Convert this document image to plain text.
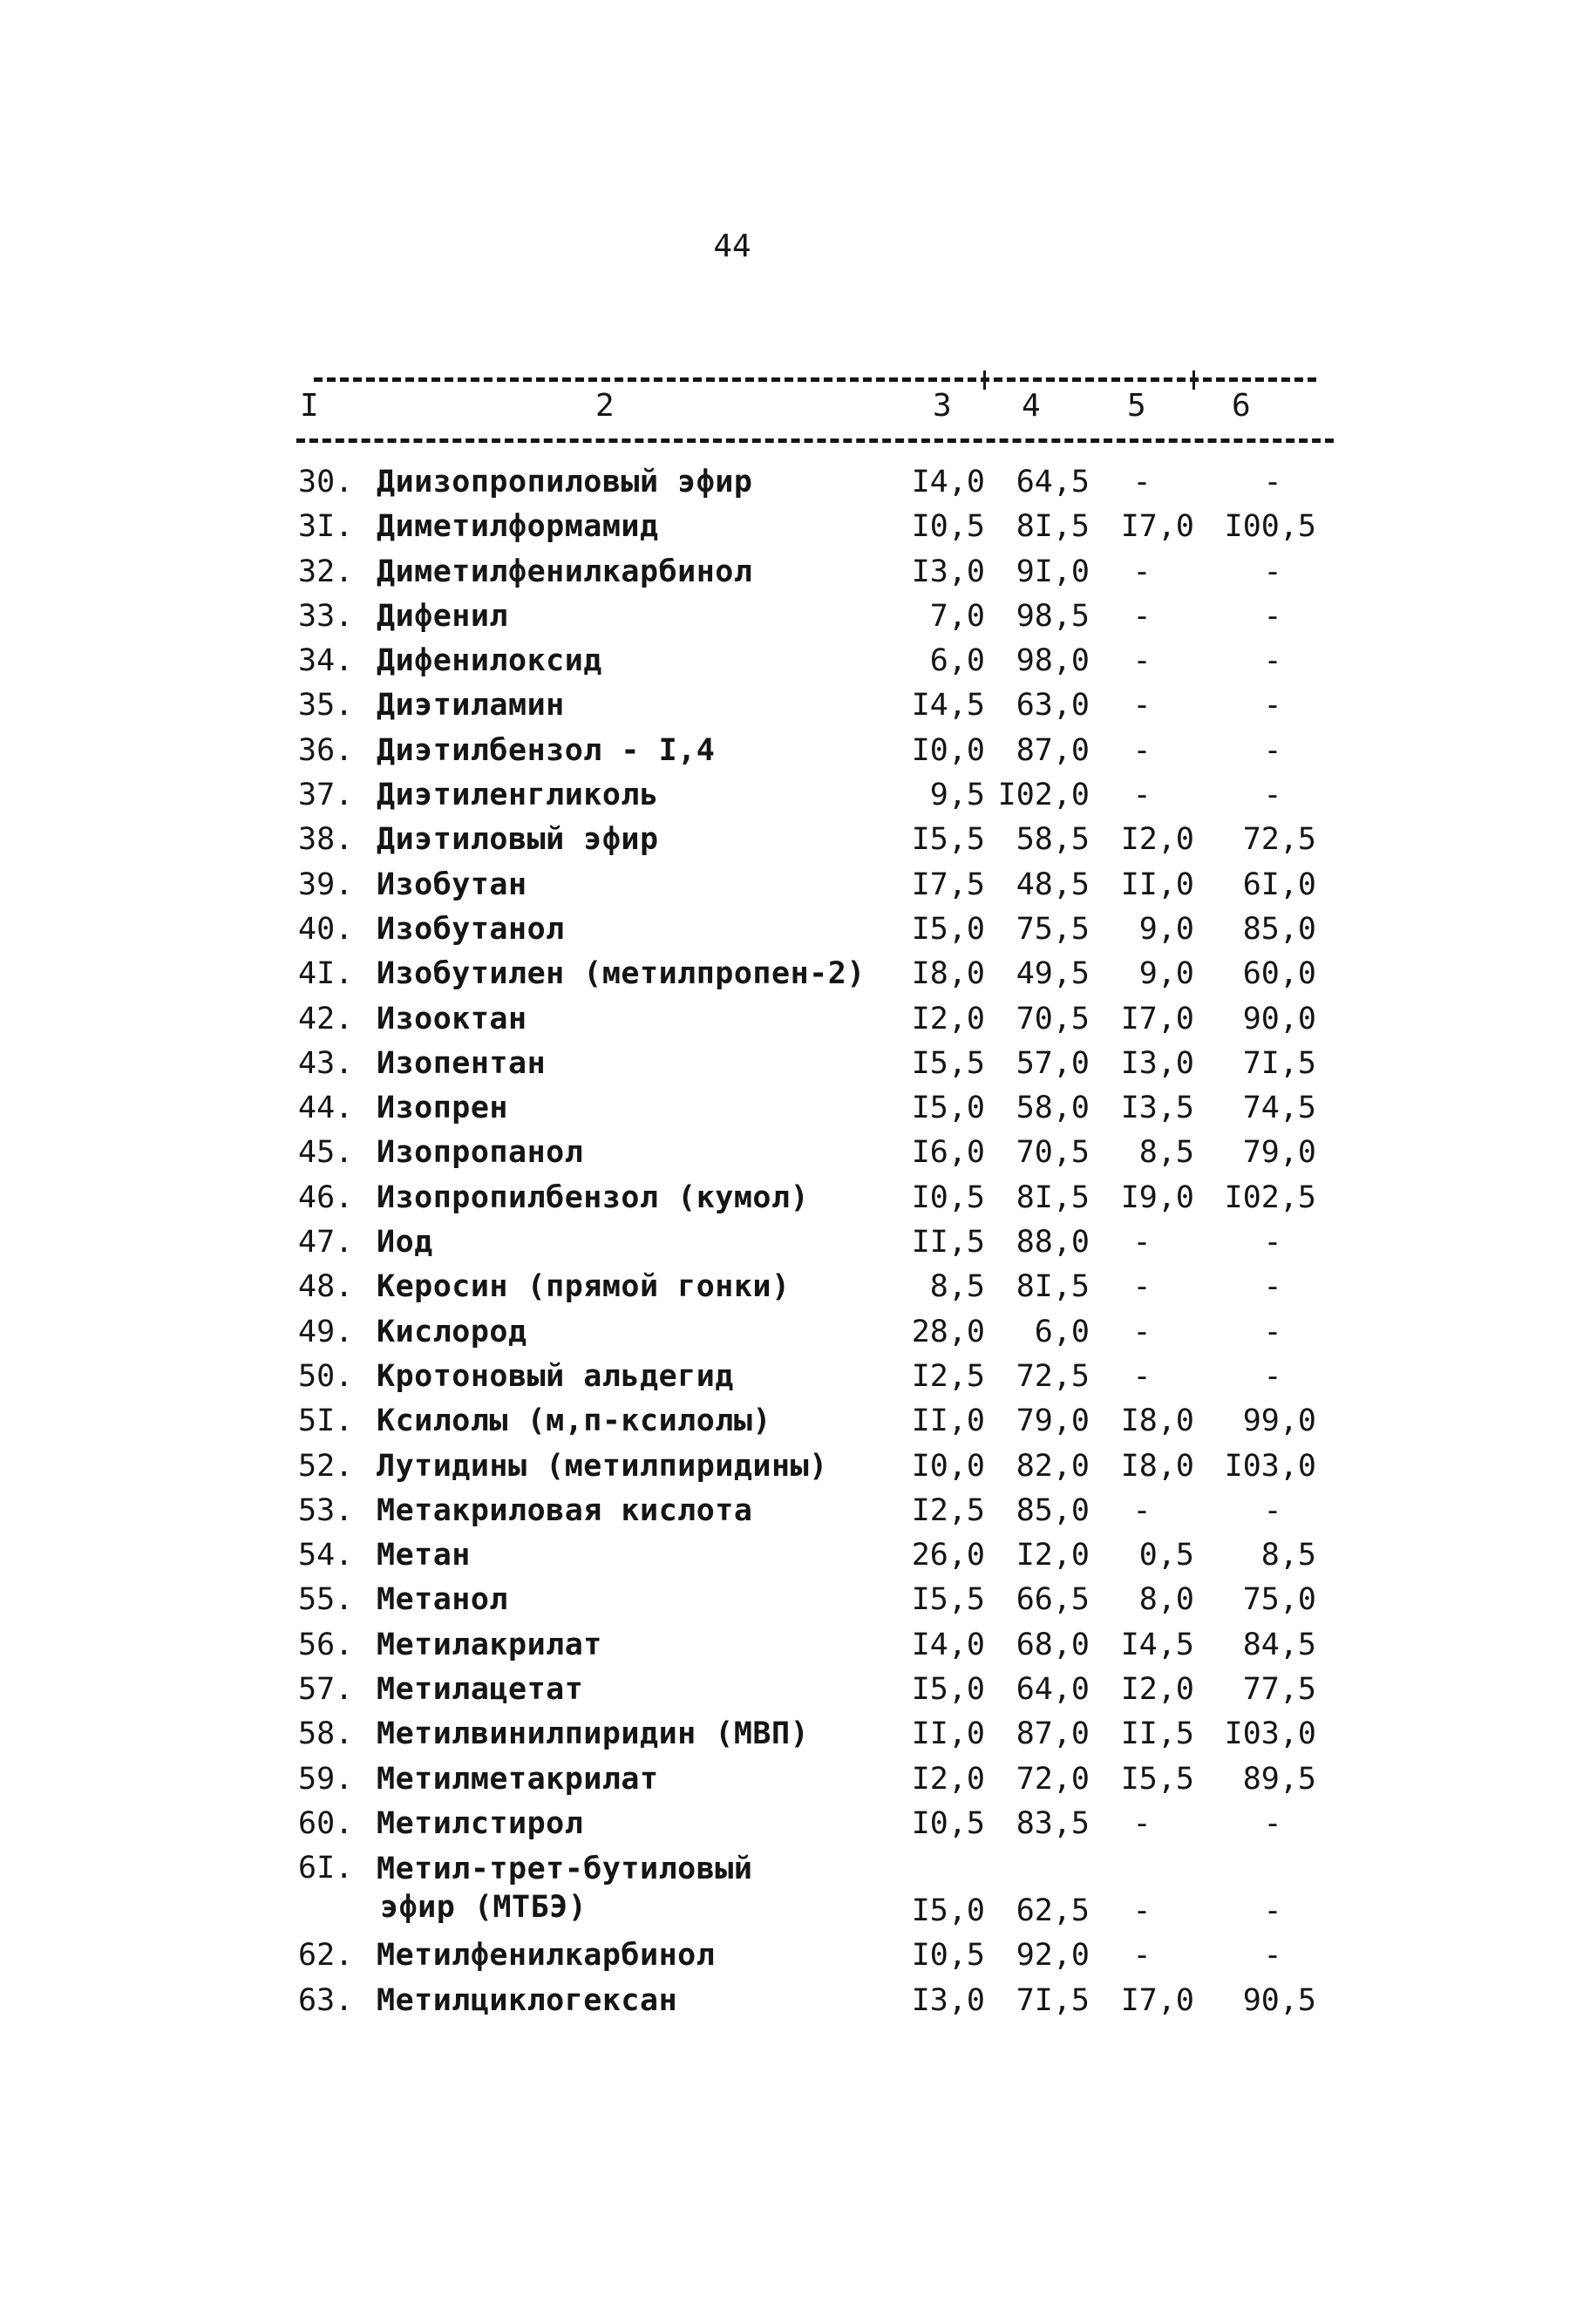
44
I	2	3 4	5	6
30. Диизопропиловый эфир	I4,0	64,5	-	-
3I. Диметилформамид	I0,5	8I,5	I7,0 I00,5
32. Диметилфенилкарбинол	I3,0	9I,0	-	-
33. Дифенил	7,0	98,5	-	-
34. Дифенилоксид	6,0	98,0	-	-
35. Диэтиламин	I4,5	63,0	-	-
36. Диэтилбензол - I,4	I0,0	87,0	-	-
37. Диэтиленгликоль	9,5 I02,0	-	-
38. Диэтиловый эфир	I5,5	58,5	I2,0	72,5
39. Изобутан	I7,5	48,5	II,0	6I,0
40. Изобутанол	I5,0	75,5	9,0	85,0
4I. Изобутилен (метилпропен-2)	I8,0	49,5	9,0	60,0
42. Изооктан	I2,0	70,5	I7,0	90,0
43. Изопентан	I5,5	57,0	I3,0	7I,5
44. Изопрен	I5,0	58,0	I3,5	74,5
45. Изопропанол	I6,0	70,5	8,5	79,0
46. Изопропилбензол (кумол)	I0,5	8I,5	I9,0 I02,5
47. Иод	II,5	88,0	-	-
48. Керосин (прямой гонки)	8,5	8I,5	-	-
49. Кислород	28,0	6,0	-	-
50. Кротоновый альдегид	I2,5	72,5	-	-
5I. Ксилолы (м,п-ксилолы)	II,0	79,0	I8,0	99,0
52. Лутидины (метилпиридины)	I0,0	82,0	I8,0 I03,0
53. Метакриловая кислота	I2,5	85,0	-	-
54. Метан	26,0	I2,0	0,5	8,5
55. Метанол	I5,5	66,5	8,0	75,0
56. Метилакрилат	I4,0	68,0	I4,5	84,5
57. Метилацетат	I5,0	64,0	I2,0	77,5
58. Метилвинилпиридин (МВП)	II,0	87,0	II,5 I03,0
59. Метилметакрилат	I2,0	72,0	I5,5	89,5
60. Метилстирол	I0,5	83,5	-	-
6I. Метил-трет-бутиловый
эфир (МТБЭ)	I5,0	62,5	-	-
62. Метилфенилкарбинол	I0,5	92,0	-	-
63. Метилциклогексан	I3,0	7I,5	I7,0	90,5
